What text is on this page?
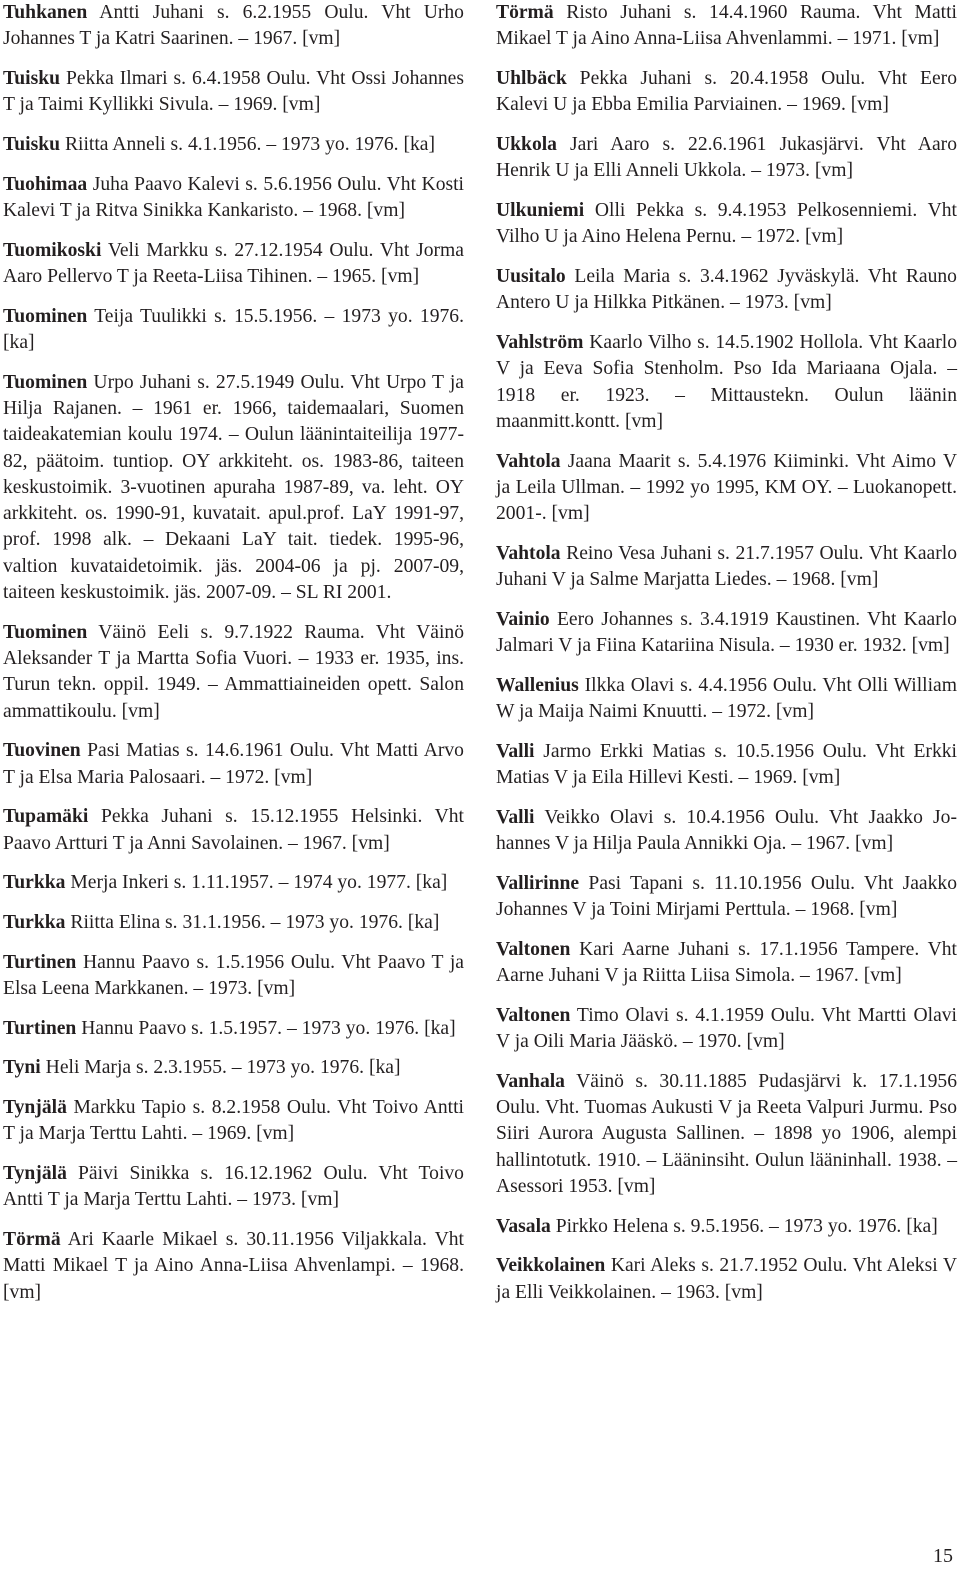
Tuhkanen Antti Juhani s. 6.2.1955 Oulu. Vht Urho Johannes T ja Katri Saarinen. – 1967. [vm]

Tuisku Pekka Ilmari s. 6.4.1958 Oulu. Vht Ossi Johannes T ja Taimi Kyllikki Sivula. – 1969. [vm]

Tuisku Riitta Anneli s. 4.1.1956. – 1973 yo. 1976. [ka]

Tuohimaa Juha Paavo Kalevi s. 5.6.1956 Oulu. Vht Kosti Kalevi T ja Ritva Sinikka Kankaristo. – 1968. [vm]

Tuomikoski Veli Markku s. 27.12.1954 Oulu. Vht Jorma Aaro Pellervo T ja Reeta-Liisa Tihinen. – 1965. [vm]

Tuominen Teija Tuulikki s. 15.5.1956. – 1973 yo. 1976. [ka]

Tuominen Urpo Juhani s. 27.5.1949 Oulu. Vht Urpo T ja Hilja Rajanen. – 1961 er. 1966, taidemaalari, Suomen taideakatemian koulu 1974. – Oulun läänintaiteilija 1977-82, päätoim. tuntiop. OY arkkiteht. os. 1983-86, taiteen keskustoimik. 3-vuotinen apuraha 1987-89, va. leht. OY arkkiteht. os. 1990-91, kuvatait. apul.prof. LaY 1991-97, prof. 1998 alk. – Dekaani LaY tait. tiedek. 1995-96, valtion kuvataidetoimik. jäs. 2004-06 ja pj. 2007-09, taiteen keskustoimik. jäs. 2007-09. – SL RI 2001.

Tuominen Väinö Eeli s. 9.7.1922 Rauma. Vht Väinö Aleksander T ja Martta Sofia Vuori. – 1933 er. 1935, ins. Turun tekn. oppil. 1949. – Ammattiaineiden opett. Salon ammattikoulu. [vm]

Tuovinen Pasi Matias s. 14.6.1961 Oulu. Vht Matti Arvo T ja Elsa Maria Palosaari. – 1972. [vm]

Tupamäki Pekka Juhani s. 15.12.1955 Helsinki. Vht Paavo Artturi T ja Anni Savolainen. – 1967. [vm]

Turkka Merja Inkeri s. 1.11.1957. – 1974 yo. 1977. [ka]

Turkka Riitta Elina s. 31.1.1956. – 1973 yo. 1976. [ka]

Turtinen Hannu Paavo s. 1.5.1956 Oulu. Vht Paavo T ja Elsa Leena Markkanen. – 1973. [vm]

Turtinen Hannu Paavo s. 1.5.1957. – 1973 yo. 1976. [ka]

Tyni Heli Marja s. 2.3.1955. – 1973 yo. 1976. [ka]

Tynjälä Markku Tapio s. 8.2.1958 Oulu. Vht Toivo Antti T ja Marja Terttu Lahti. – 1969. [vm]

Tynjälä Päivi Sinikka s. 16.12.1962 Oulu. Vht Toivo Antti T ja Marja Terttu Lahti. – 1973. [vm]

Törmä Ari Kaarle Mikael s. 30.11.1956 Viljakkala. Vht Matti Mikael T ja Aino Anna-Liisa Ahvenlampi. – 1968. [vm]

Törmä Risto Juhani s. 14.4.1960 Rauma. Vht Matti Mikael T ja Aino Anna-Liisa Ahvenlammi. – 1971. [vm]

Uhlbäck Pekka Juhani s. 20.4.1958 Oulu. Vht Eero Kalevi U ja Ebba Emilia Parviainen. – 1969. [vm]

Ukkola Jari Aaro s. 22.6.1961 Jukasjärvi. Vht Aaro Henrik U ja Elli Anneli Ukkola. – 1973. [vm]

Ulkuniemi Olli Pekka s. 9.4.1953 Pelkosenniemi. Vht Vilho U ja Aino Helena Pernu. – 1972. [vm]

Uusitalo Leila Maria s. 3.4.1962 Jyväskylä. Vht Rauno Antero U ja Hilkka Pitkänen. – 1973. [vm]

Vahlström Kaarlo Vilho s. 14.5.1902 Hollola. Vht Kaarlo V ja Eeva Sofia Stenholm. Pso Ida Mariaana Ojala. – 1918 er. 1923. – Mittaustekn. Oulun läänin maanmitt.kontt. [vm]

Vahtola Jaana Maarit s. 5.4.1976 Kiiminki. Vht Aimo V ja Leila Ullman. – 1992 yo 1995, KM OY. – Luokanopett. 2001-. [vm]

Vahtola Reino Vesa Juhani s. 21.7.1957 Oulu. Vht Kaarlo Juhani V ja Salme Marjatta Liedes. – 1968. [vm]

Vainio Eero Johannes s. 3.4.1919 Kaustinen. Vht Kaarlo Jalmari V ja Fiina Katariina Nisula. – 1930 er. 1932. [vm]

Wallenius Ilkka Olavi s. 4.4.1956 Oulu. Vht Olli William W ja Maija Naimi Knuutti. – 1972. [vm]

Valli Jarmo Erkki Matias s. 10.5.1956 Oulu. Vht Erkki Matias V ja Eila Hillevi Kesti. – 1969. [vm]

Valli Veikko Olavi s. 10.4.1956 Oulu. Vht Jaakko Johannes V ja Hilja Paula Annikki Oja. – 1967. [vm]

Vallirinne Pasi Tapani s. 11.10.1956 Oulu. Vht Jaakko Johannes V ja Toini Mirjami Perttula. – 1968. [vm]

Valtonen Kari Aarne Juhani s. 17.1.1956 Tampere. Vht Aarne Juhani V ja Riitta Liisa Simola. – 1967. [vm]

Valtonen Timo Olavi s. 4.1.1959 Oulu. Vht Martti Olavi V ja Oili Maria Jääskö. – 1970. [vm]

Vanhala Väinö s. 30.11.1885 Pudasjärvi k. 17.1.1956 Oulu. Vht. Tuomas Aukusti V ja Reeta Valpuri Jurmu. Pso Siiri Aurora Augusta Sallinen. – 1898 yo 1906, alempi hallintotutk. 1910. – Lääninsiht. Oulun lääninhall. 1938. – Asessori 1953. [vm]

Vasala Pirkko Helena s. 9.5.1956. – 1973 yo. 1976. [ka]

Veikkolainen Kari Aleks s. 21.7.1952 Oulu. Vht Aleksi V ja Elli Veikkolainen. – 1963. [vm]

15
